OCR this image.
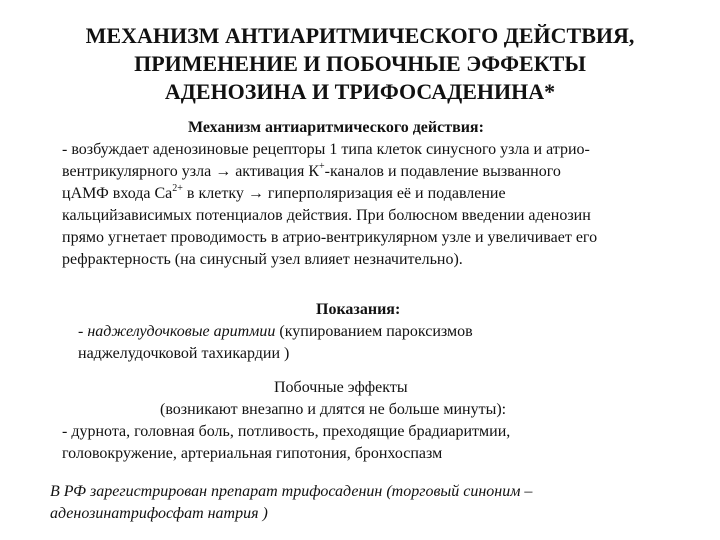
МЕХАНИЗМ АНТИАРИТМИЧЕСКОГО ДЕЙСТВИЯ,
ПРИМЕНЕНИЕ И ПОБОЧНЫЕ ЭФФЕКТЫ
АДЕНОЗИНА И ТРИФОСАДЕНИНА*
Механизм антиаритмического действия:
- возбуждает аденозиновые рецепторы 1 типа клеток синусного узла и атрио-
вентрикулярного узла → активация К+-каналов и подавление вызванного
цАМФ входа $Са^{2+}$ в клетку → гиперполяризация её и подавление
кальцийзависимых потенциалов действия. При болюсном введении аденозин
прямо угнетает проводимость в атрио-вентрикулярном узле и увеличивает его
рефрактерность (на синусный узел влияет незначительно).
Показания:
- наджелудочковые аритмии (купированием пароксизмов
наджелудочковой тахикардии )
Побочные эффекты
(возникают внезапно и длятся не больше минуты):
- дурнота, головная боль, потливость, преходящие брадиаритмии,
головокружение, артериальная гипотония, бронхоспазм
В РФ зарегистрирован препарат трифосаденин (торговый синоним –
аденозинатрифосфат натрия )
